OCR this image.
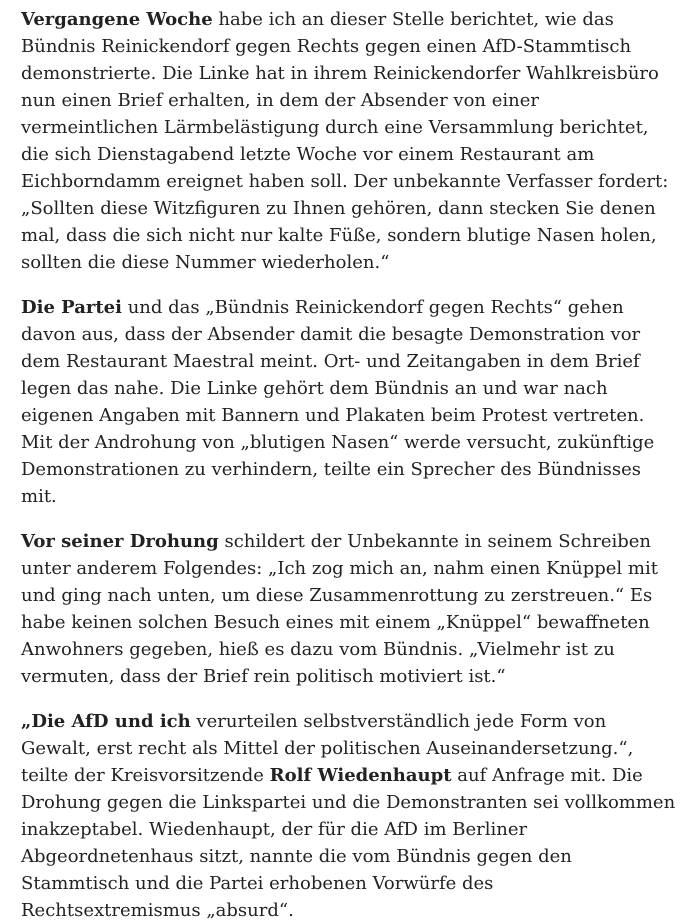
Vergangene Woche habe ich an dieser Stelle berichtet, wie das Bündnis Reinickendorf gegen Rechts gegen einen AfD-Stammtisch demonstrierte. Die Linke hat in ihrem Reinickendorfer Wahlkreisbüro nun einen Brief erhalten, in dem der Absender von einer vermeintlichen Lärmbelästigung durch eine Versammlung berichtet, die sich Dienstagabend letzte Woche vor einem Restaurant am Eichborndamm ereignet haben soll. Der unbekannte Verfasser fordert: „Sollten diese Witzfiguren zu Ihnen gehören, dann stecken Sie denen mal, dass die sich nicht nur kalte Füße, sondern blutige Nasen holen, sollten die diese Nummer wiederholen.“

Die Partei und das „Bündnis Reinickendorf gegen Rechts“ gehen davon aus, dass der Absender damit die besagte Demonstration vor dem Restaurant Maestral meint. Ort- und Zeitangaben in dem Brief legen das nahe. Die Linke gehört dem Bündnis an und war nach eigenen Angaben mit Bannern und Plakaten beim Protest vertreten. Mit der Androhung von „blutigen Nasen“ werde versucht, zukünftige Demonstrationen zu verhindern, teilte ein Sprecher des Bündnisses mit.

Vor seiner Drohung schildert der Unbekannte in seinem Schreiben unter anderem Folgendes: „Ich zog mich an, nahm einen Knüppel mit und ging nach unten, um diese Zusammenrottung zu zerstreuen.“ Es habe keinen solchen Besuch eines mit einem „Knüppel“ bewaffneten Anwohners gegeben, hieß es dazu vom Bündnis. „Vielmehr ist zu vermuten, dass der Brief rein politisch motiviert ist.“

„Die AfD und ich verurteilen selbstverständlich jede Form von Gewalt, erst recht als Mittel der politischen Auseinandersetzung.“, teilte der Kreisvorsitzende Rolf Wiedenhaupt auf Anfrage mit. Die Drohung gegen die Linkspartei und die Demonstranten sei vollkommen inakzeptabel. Wiedenhaupt, der für die AfD im Berliner Abgeordnetenhaus sitzt, nannte die vom Bündnis gegen den Stammtisch und die Partei erhobenen Vorwürfe des Rechtsextremismus „absurd“.
